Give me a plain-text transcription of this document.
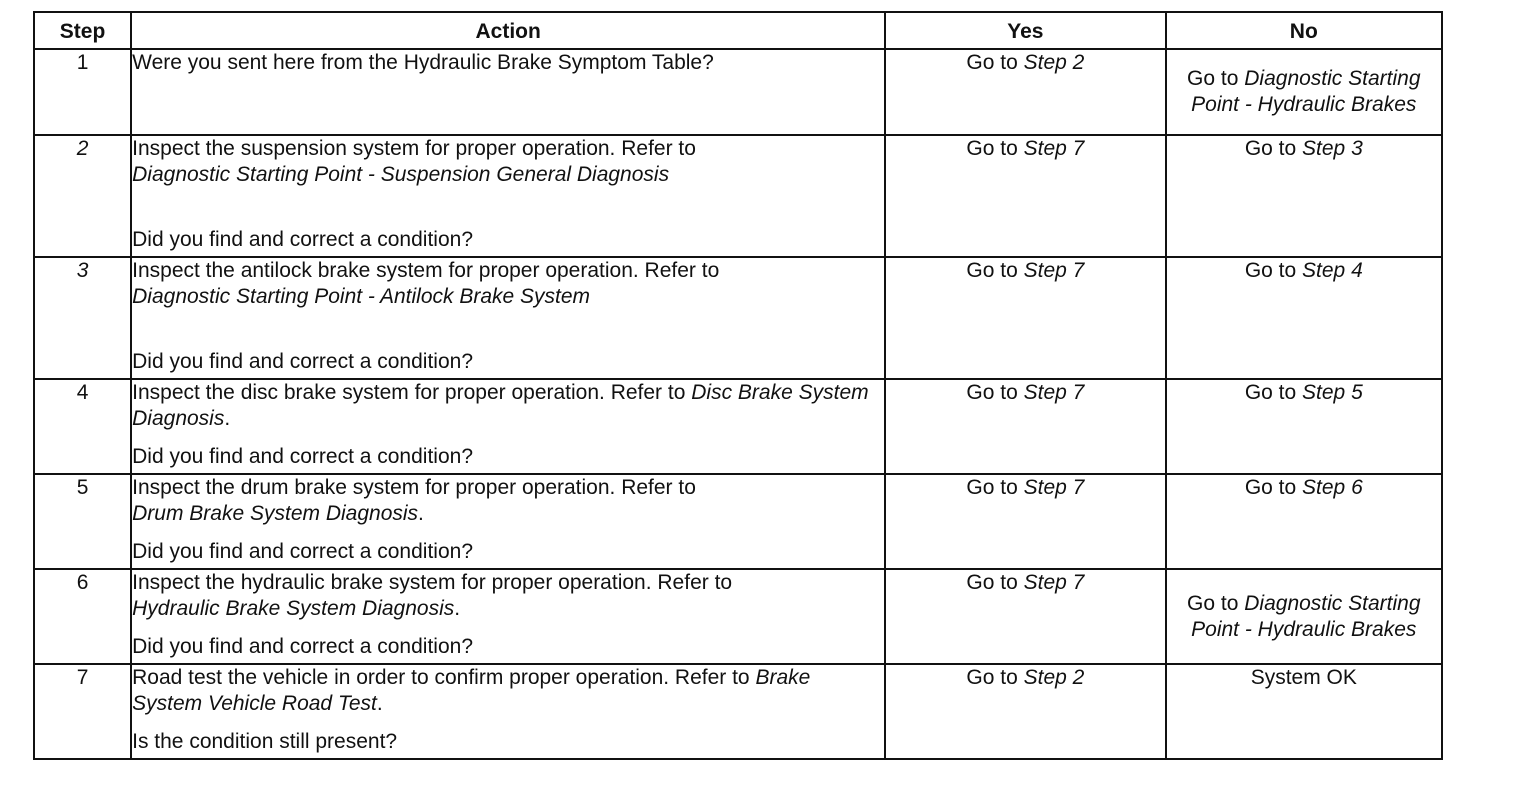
Step	Action	Yes	No
1	Were you sent here from the Hydraulic Brake Symptom Table?	Go to Step 2	Go to Diagnostic Starting Point - Hydraulic Brakes

2	Inspect the suspension system for proper operation. Refer to
Diagnostic Starting Point - Suspension General Diagnosis
Did you find and correct a condition?	Go to Step 7	Go to Step 3
3	Inspect the antilock brake system for proper operation. Refer to
Diagnostic Starting Point - Antilock Brake System
Did you find and correct a condition?	Go to Step 7	Go to Step 4
4	Inspect the disc brake system for proper operation. Refer to Disc Brake System Diagnosis.
Did you find and correct a condition?	Go to Step 7	Go to Step 5
5	Inspect the drum brake system for proper operation. Refer to
Drum Brake System Diagnosis.
Did you find and correct a condition?	Go to Step 7	Go to Step 6
6	Inspect the hydraulic brake system for proper operation. Refer to
Hydraulic Brake System Diagnosis.
Did you find and correct a condition?	Go to Step 7	Go to Diagnostic Starting Point - Hydraulic Brakes

7	Road test the vehicle in order to confirm proper operation. Refer to Brake System Vehicle Road Test.
Is the condition still present?	Go to Step 2	System OK
